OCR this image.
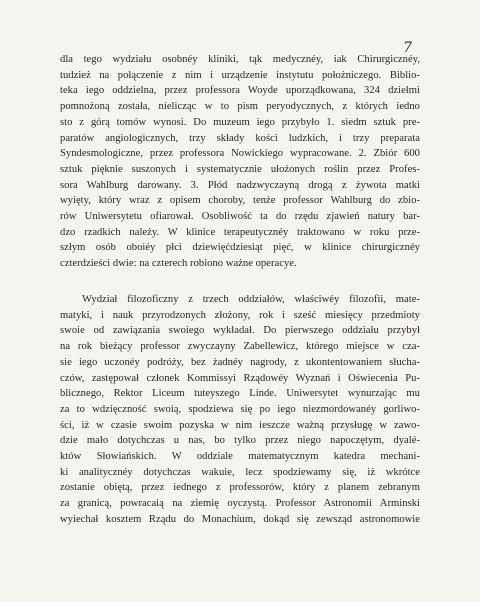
7
dla tego wydziału osobnéy kliniki, tąk medycznéy, iak Chirurgicznéy,
tudzież na połączenie z nim i urządzenie instytutu położniczego. Biblio-
teka iego oddzielna, przez professora Woyde uporządkowana, 324 dziełmi
pomnożoną została, nielicząc w to pism peryodycznych, z których iedno
sto z górą tomów wynosi. Do muzeum iego przybyło 1. siedm sztuk pre-
paratów angiologicznych, trzy składy kości ludzkich, i trzy preparata
Syndesmologiczne, przez professora Nowickiego wypracowane. 2. Zbiór 600
sztuk pięknie suszonych i systematycznie ułożonych roślin przez Profes-
sora Wahlburg darowany. 3. Płód nadzwyczayną drogą z żywota matki
wyięty, który wraz z opisem choroby, tenże professor Wahlburg do zbio-
rów Uniwersytetu ofiarował. Osobliwość ta do rzędu zjawień natury bar-
dzo rzadkich należy. W klinice terapeutycznéy traktowano w roku prze-
szłym osób oboiéy płci dziewięćdziesiąt pięć, w klinice chirurgicznéy
czterdzieści dwie: na czterech robiono ważne operacye.
Wydział filozoficzny z trzech oddziałów, właściwéy filozofii, mate-
matyki, i nauk przyrodzonych złożony, rok i sześć miesięcy przedmioty
swoie od zawiązania swoiego wykładał. Do pierwszego oddziału przybył
na rok bieżący professor zwyczayny Zabellewicz, którego miejsce w cza-
sie iego uczonéy podróży, bez żadnéy nagrody, z ukontentowaniem słucha-
czów, zastępował członek Kommissyi Rządowéy Wyznań i Oświecenia Pu-
blicznego, Rektor Liceum tuteyszego Linde. Uniwersytet wynurzając mu
za to wdzięczność swoią, spodziewa się po iego niezmordowanéy gorliwo-
ści, iż w czasie swoim pozyska w nim ieszcze ważną przysługę w zawo-
dzie mało dotychczas u nas, bo tylko przez niego napoczętym, dyalé-
któw Słowiańskich. W oddziale matematycznym katedra mechani-
ki analitycznéy dotychczas wakuie, lecz spodziewamy się, iż wkrótce
zostanie obiętą, przez iednego z professorów, który z planem zebranym
za granicą, powracaią na ziemię oyczystą. Professor Astronomii Arminski
wyiechał kosztem Rządu do Monachium, dokąd się zewsząd astronomowie
